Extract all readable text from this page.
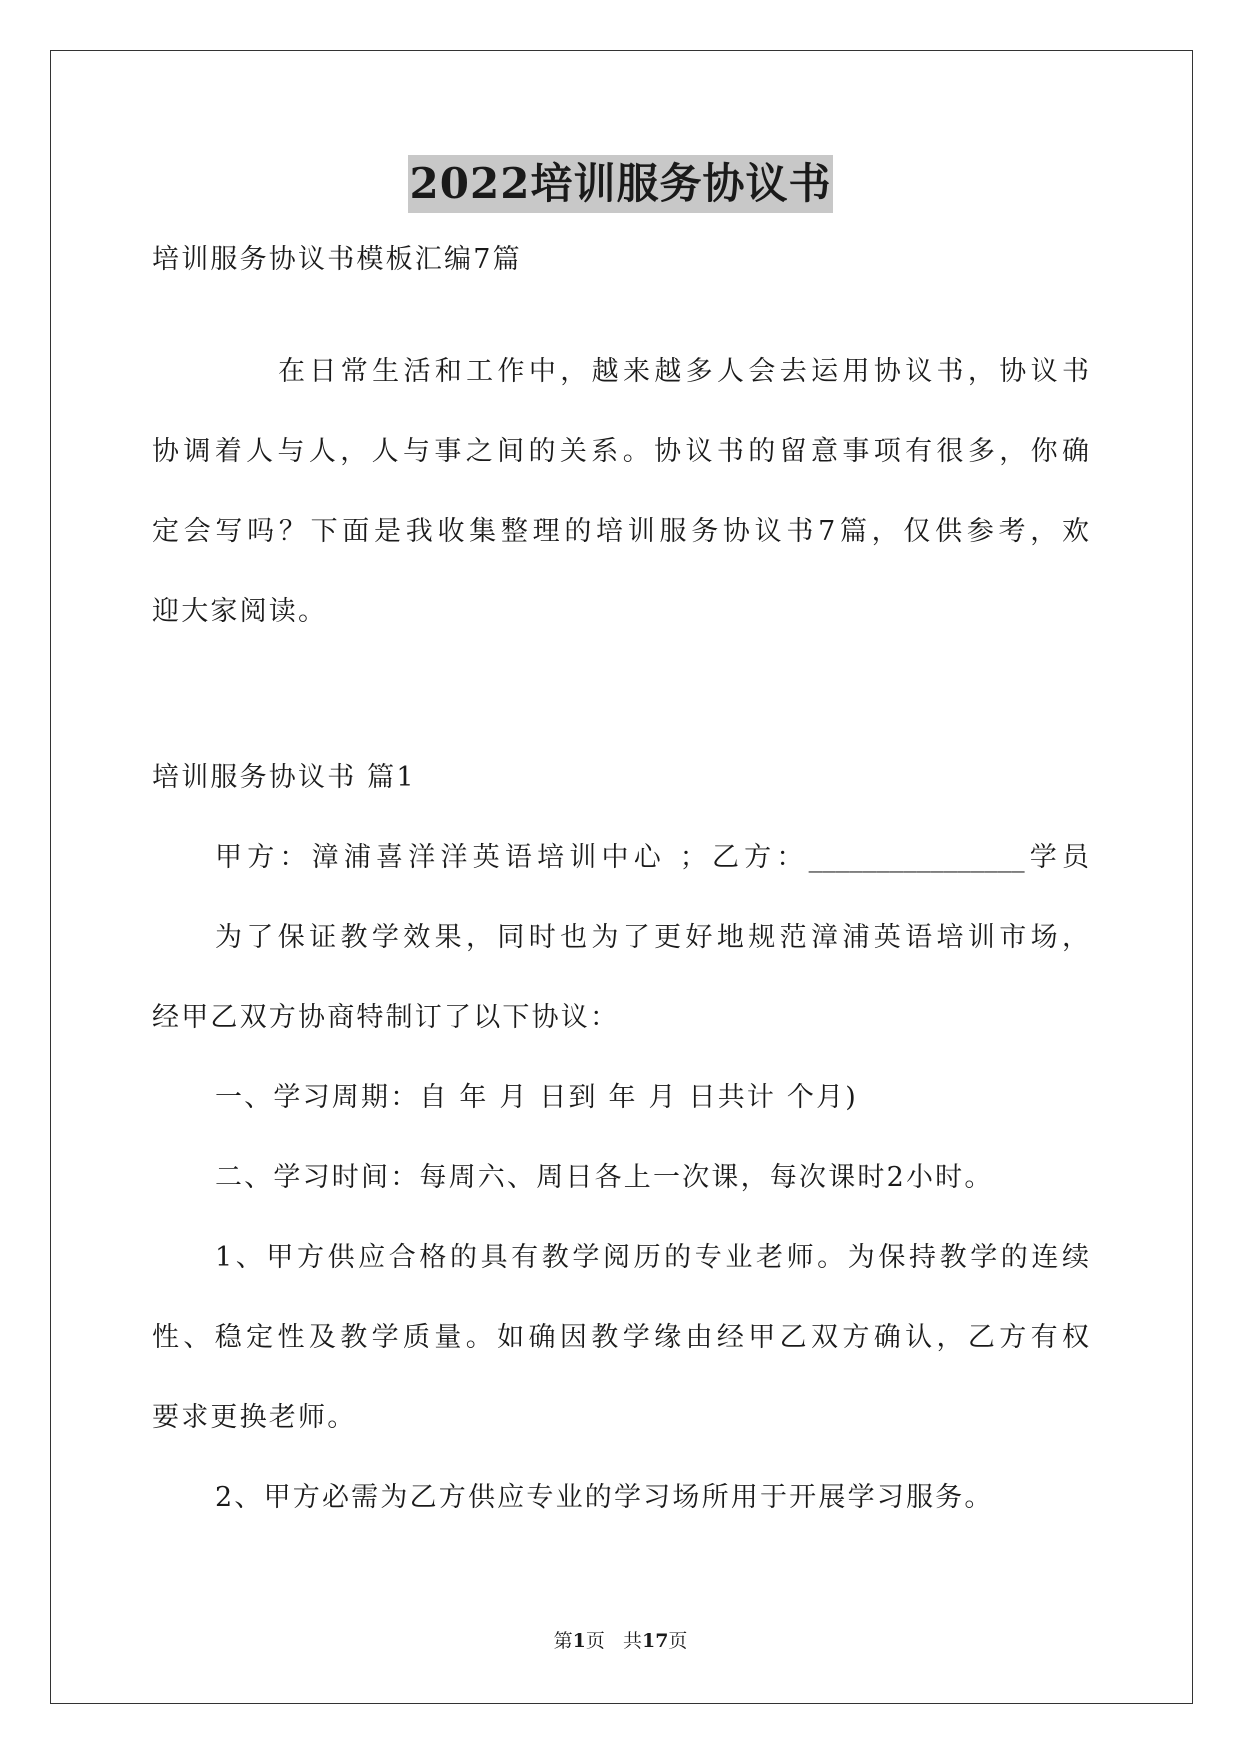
2022培训服务协议书
培训服务协议书模板汇编7篇
在日常生活和工作中，越来越多人会去运用协议书，协议书
协调着人与人，人与事之间的关系。协议书的留意事项有很多，你确
定会写吗？下面是我收集整理的培训服务协议书7篇，仅供参考，欢
迎大家阅读。
培训服务协议书 篇1
甲方：漳浦喜洋洋英语培训中心 ；乙方：________________学员
为了保证教学效果，同时也为了更好地规范漳浦英语培训市场，
经甲乙双方协商特制订了以下协议：
一、学习周期：自 年 月 日到 年 月 日共计 个月)
二、学习时间：每周六、周日各上一次课，每次课时2小时。
1、甲方供应合格的具有教学阅历的专业老师。为保持教学的连续
性、稳定性及教学质量。如确因教学缘由经甲乙双方确认，乙方有权
要求更换老师。
2、甲方必需为乙方供应专业的学习场所用于开展学习服务。
第1页 共17页
